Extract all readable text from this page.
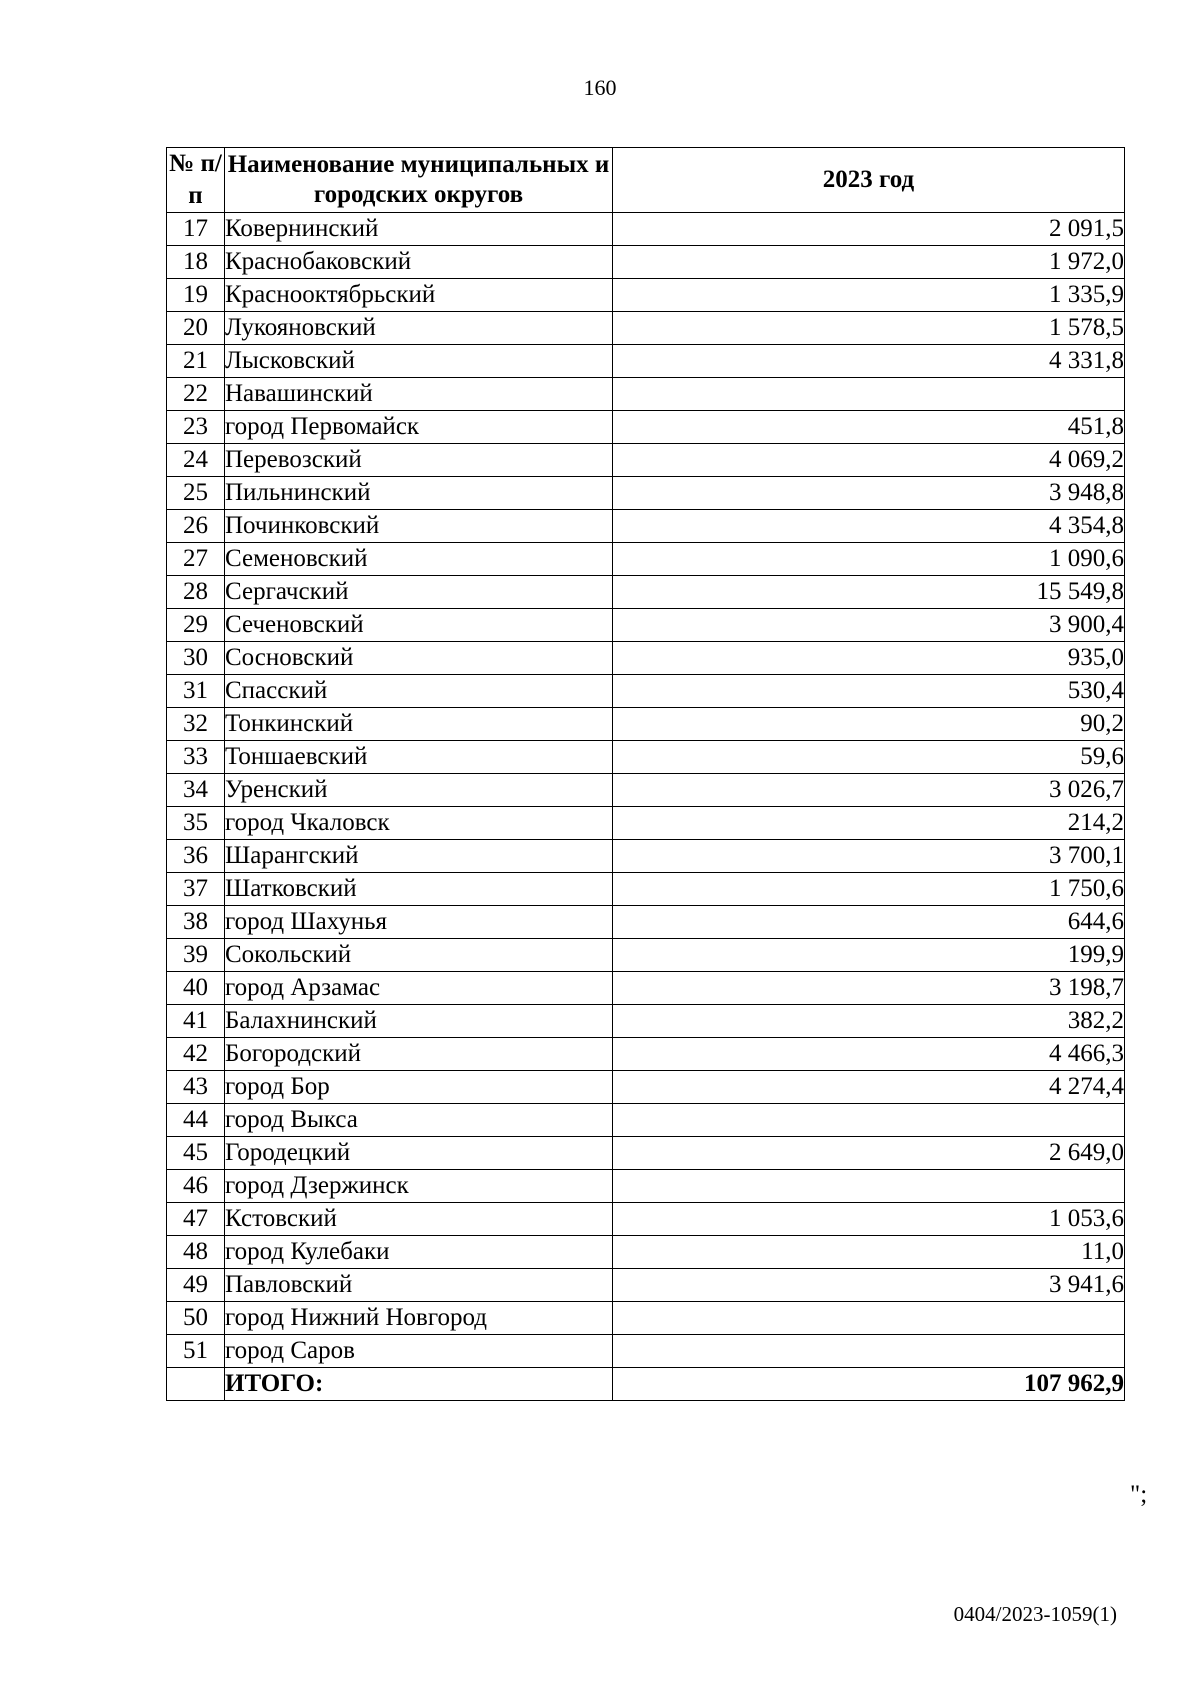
160
№ п/п	Наименование муниципальных и городских округов	2023 год
17	Ковернинский	2 091,5
18	Краснобаковский	1 972,0
19	Краснооктябрьский	1 335,9
20	Лукояновский	1 578,5
21	Лысковский	4 331,8
22	Навашинский	
23	город Первомайск	451,8
24	Перевозский	4 069,2
25	Пильнинский	3 948,8
26	Починковский	4 354,8
27	Семеновский	1 090,6
28	Сергачский	15 549,8
29	Сеченовский	3 900,4
30	Сосновский	935,0
31	Спасский	530,4
32	Тонкинский	90,2
33	Тоншаевский	59,6
34	Уренский	3 026,7
35	город Чкаловск	214,2
36	Шарангский	3 700,1
37	Шатковский	1 750,6
38	город Шахунья	644,6
39	Сокольский	199,9
40	город Арзамас	3 198,7
41	Балахнинский	382,2
42	Богородский	4 466,3
43	город Бор	4 274,4
44	город Выкса	
45	Городецкий	2 649,0
46	город Дзержинск	
47	Кстовский	1 053,6
48	город Кулебаки	11,0
49	Павловский	3 941,6
50	город Нижний Новгород	
51	город Саров	
	ИТОГО:	107 962,9
";
0404/2023-1059(1)
